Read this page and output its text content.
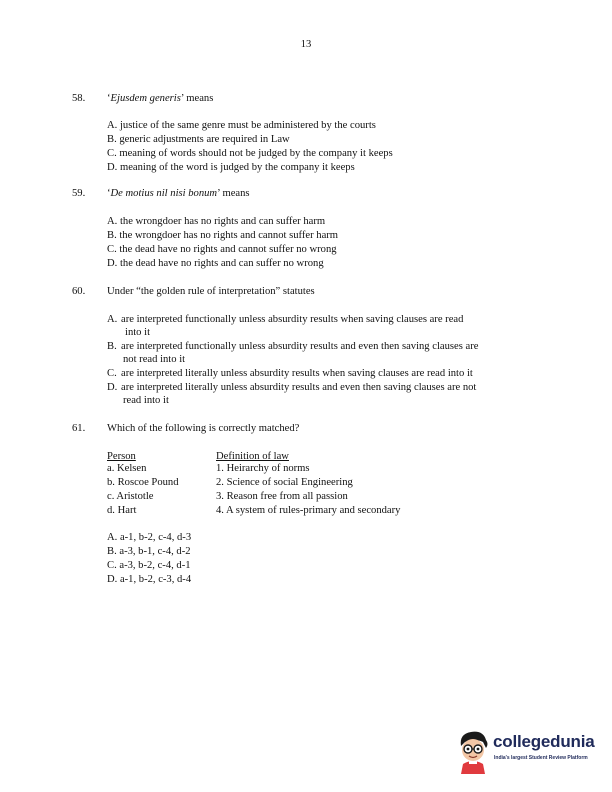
13
58. ‘Ejusdem generis’ means
A. justice of the same genre must be administered by the courts
B. generic adjustments are required in Law
C. meaning of words should not be judged by the company it keeps
D. meaning of the word is judged by the company it keeps
59. ‘De motius nil nisi bonum’ means
A. the wrongdoer has no rights and can suffer harm
B. the wrongdoer has no rights and cannot suffer harm
C. the dead have no rights and cannot suffer no wrong
D. the dead have no rights and can suffer no wrong
60. Under “the golden rule of interpretation” statutes
A. are interpreted functionally unless absurdity results when saving clauses are read
into it
B. are interpreted functionally unless absurdity results and even then saving clauses are
not read into it
C. are interpreted literally unless absurdity results when saving clauses are read into it
D. are interpreted literally unless absurdity results and even then saving clauses are not
read into it
61. Which of the following is correctly matched?
Person	Definition of law
a. Kelsen	1. Heirarchy of norms
b. Roscoe Pound	2. Science of social Engineering
c. Aristotle	3. Reason free from all passion
d. Hart	4. A system of rules-primary and secondary
A. a-1, b-2, c-4, d-3
B. a-3, b-1, c-4, d-2
C. a-3, b-2, c-4, d-1
D. a-1, b-2, c-3, d-4
collegedunia
India's largest Student Review Platform
